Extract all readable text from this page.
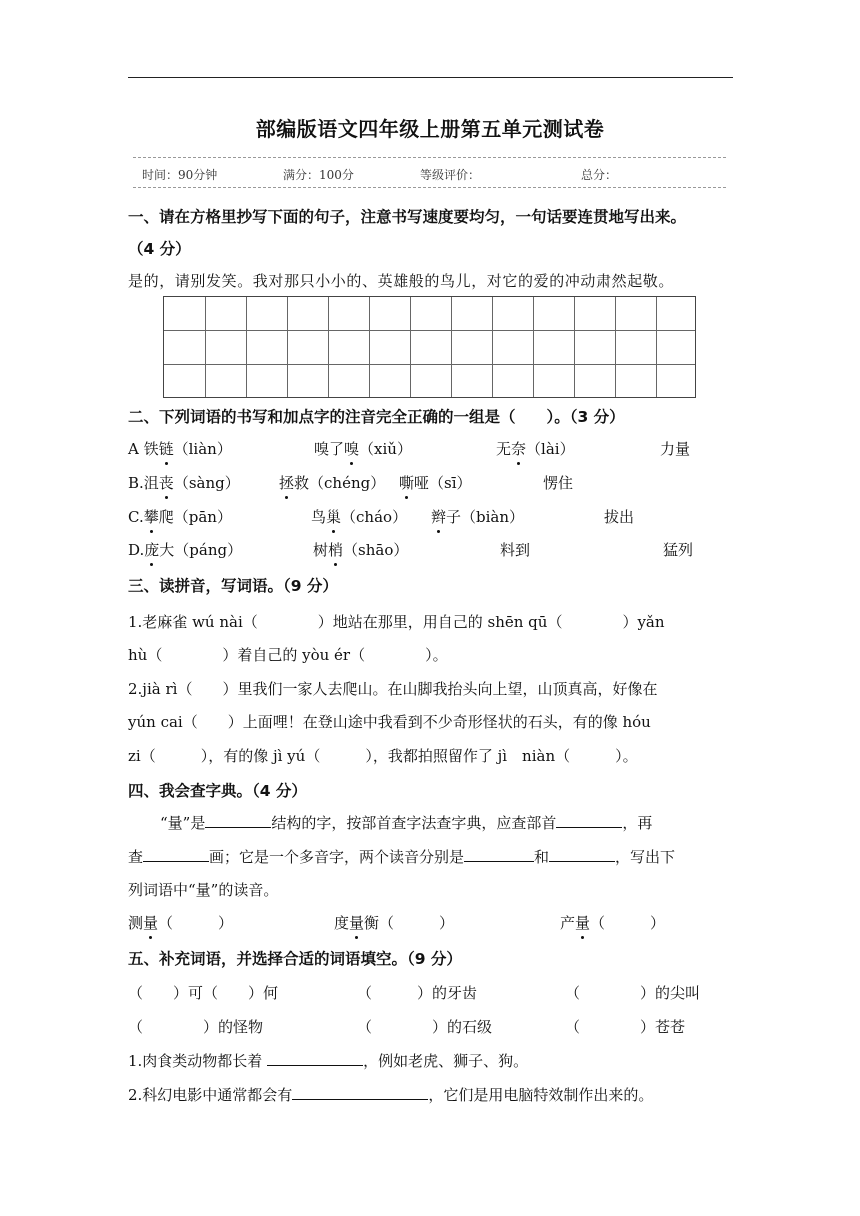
部编版语文四年级上册第五单元测试卷
时间：90分钟	满分：100分	等级评价：	总分：
一、请在方格里抄写下面的句子，注意书写速度要均匀，一句话要连贯地写出来。
（4 分）
是的，请别发笑。我对那只小小的、英雄般的鸟儿，对它的爱的冲动肃然起敬。
二、下列词语的书写和加点字的注音完全正确的一组是（　　）。（3 分）
A 铁链（liàn）	嗅了嗅（xiǔ）	无奈（lài）	力量
B.沮丧（sàng）	拯救（chéng） 嘶哑（sī）	愣住
C.攀爬（pān）	鸟巢（cháo） 辫子（biàn）	拔出
D.庞大（páng）	树梢（shāo）	料到	猛列
三、读拼音，写词语。（9 分）
1.老麻雀 wú nài（　　　　）地站在那里，用自己的 shēn qū（　　　　）yǎn
hù（　　　　）着自己的 yòu ér（　　　　）。
2.jià rì（　　）里我们一家人去爬山。在山脚我抬头向上望，山顶真高，好像在
yún cai（　　）上面哩！在登山途中我看到不少奇形怪状的石头，有的像 hóu
zi（　　　），有的像 jì yú（　　　），我都拍照留作了 jì　niàn（　　　）。
四、我会查字典。（4 分）
“量”是	结构的字，按部首查字法查字典，应查部首	，再
查	画；它是一个多音字，两个读音分别是	和	，写出下
列词语中“量”的读音。
测量（　　　）	度量衡（　　　）	产量（　　　）
五、补充词语，并选择合适的词语填空。（9 分）
（　　）可（　　）何	（　　　）的牙齿	（　　　　）的尖叫
（　　　　）的怪物	（　　　　）的石级	（　　　　）苍苍
1.肉食类动物都长着	，例如老虎、狮子、狗。
2.科幻电影中通常都会有	，它们是用电脑特效制作出来的。
